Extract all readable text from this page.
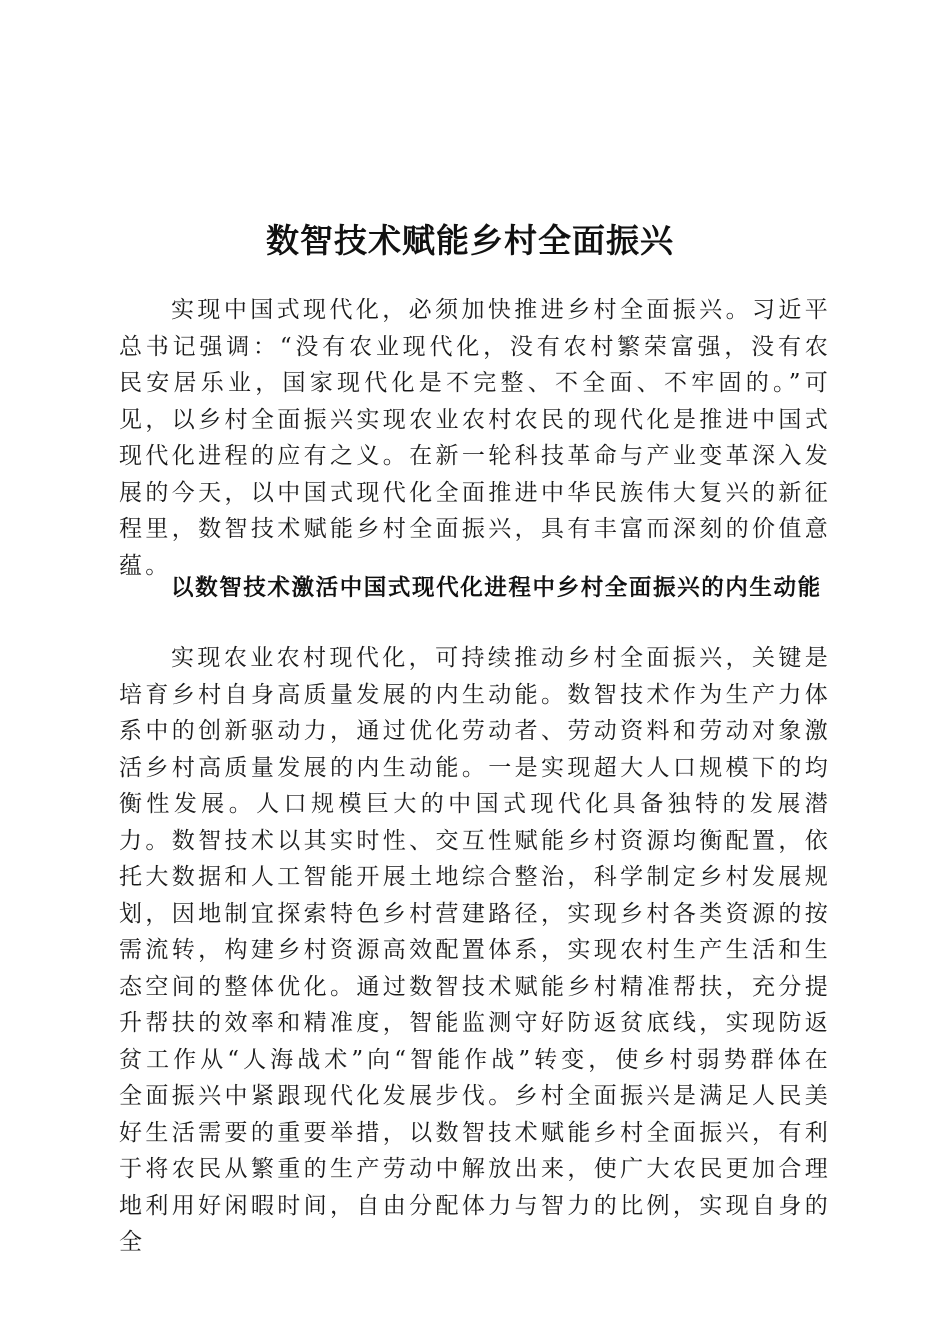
数智技术赋能乡村全面振兴

实现中国式现代化，必须加快推进乡村全面振兴。习近平总书记强调：“没有农业现代化，没有农村繁荣富强，没有农民安居乐业，国家现代化是不完整、不全面、不牢固的。”可见，以乡村全面振兴实现农业农村农民的现代化是推进中国式现代化进程的应有之义。在新一轮科技革命与产业变革深入发展的今天，以中国式现代化全面推进中华民族伟大复兴的新征程里，数智技术赋能乡村全面振兴，具有丰富而深刻的价值意蕴。

以数智技术激活中国式现代化进程中乡村全面振兴的内生动能

实现农业农村现代化，可持续推动乡村全面振兴，关键是培育乡村自身高质量发展的内生动能。数智技术作为生产力体系中的创新驱动力，通过优化劳动者、劳动资料和劳动对象激活乡村高质量发展的内生动能。一是实现超大人口规模下的均衡性发展。人口规模巨大的中国式现代化具备独特的发展潜力。数智技术以其实时性、交互性赋能乡村资源均衡配置，依托大数据和人工智能开展土地综合整治，科学制定乡村发展规划，因地制宜探索特色乡村营建路径，实现乡村各类资源的按需流转，构建乡村资源高效配置体系，实现农村生产生活和生态空间的整体优化。通过数智技术赋能乡村精准帮扶，充分提升帮扶的效率和精准度，智能监测守好防返贫底线，实现防返贫工作从“人海战术”向“智能作战”转变，使乡村弱势群体在全面振兴中紧跟现代化发展步伐。乡村全面振兴是满足人民美好生活需要的重要举措，以数智技术赋能乡村全面振兴，有利于将农民从繁重的生产劳动中解放出来，使广大农民更加合理地利用好闲暇时间，自由分配体力与智力的比例，实现自身的全
